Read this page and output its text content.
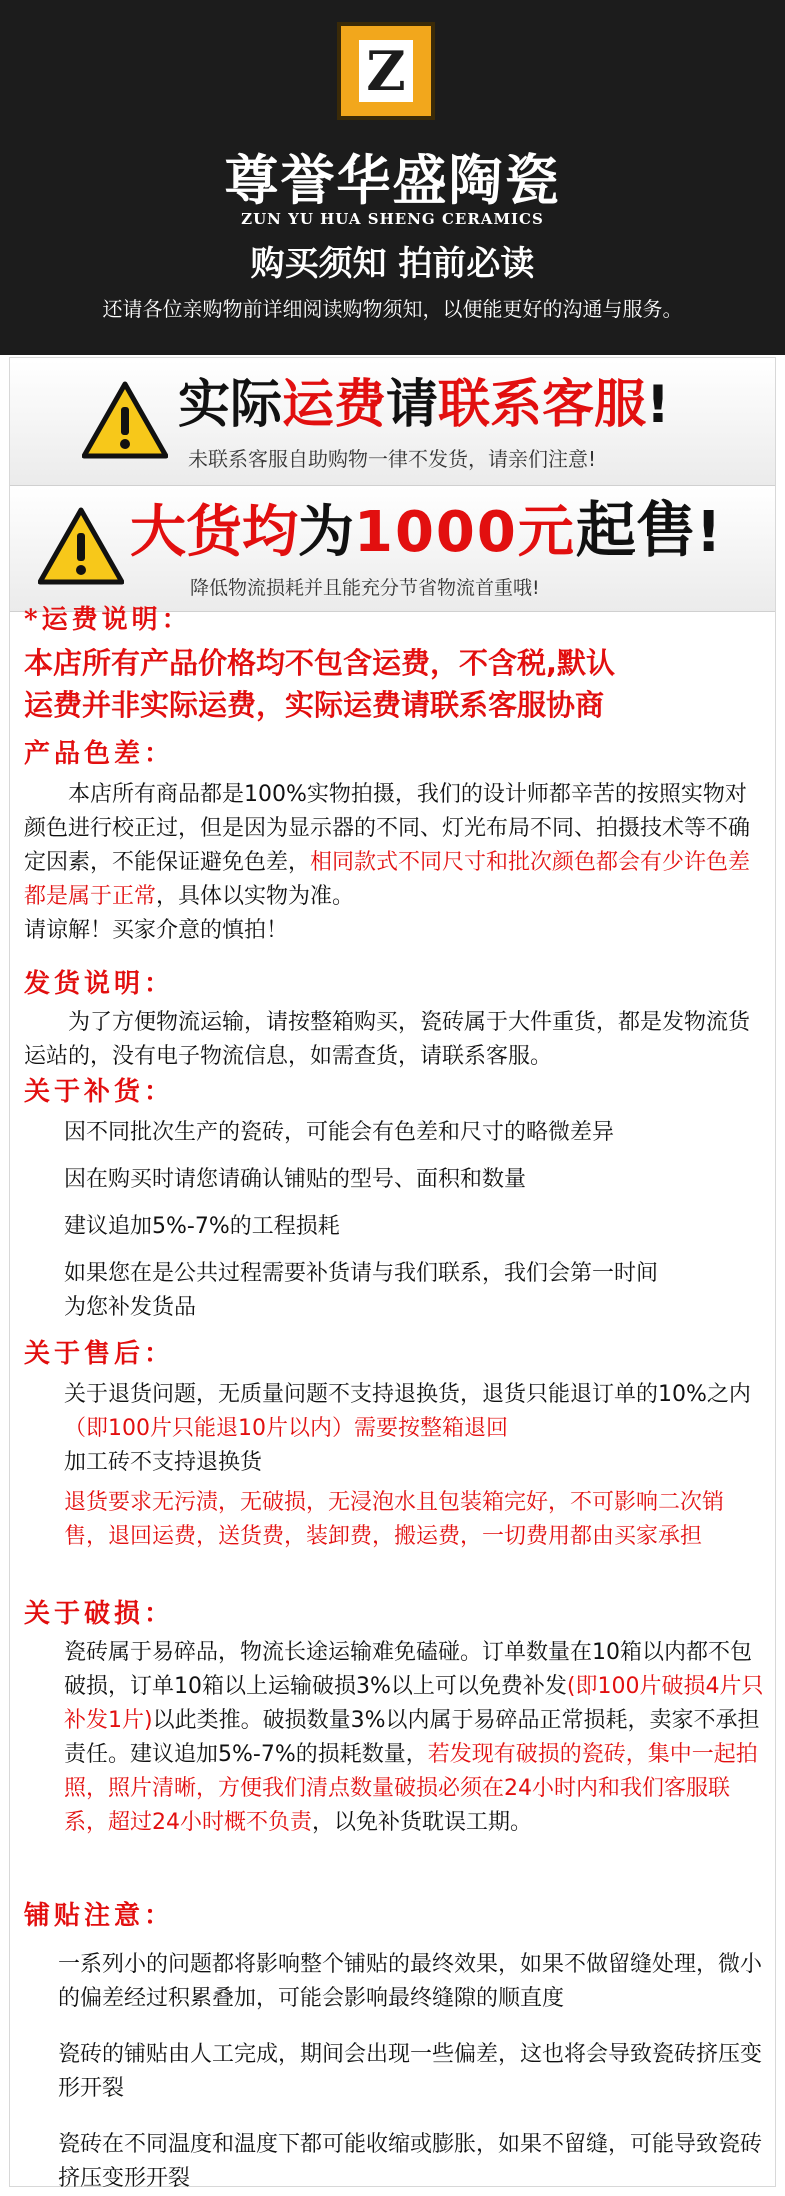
Z
尊誉华盛陶瓷
ZUN YU HUA SHENG CERAMICS
购买须知 拍前必读
还请各位亲购物前详细阅读购物须知，以便能更好的沟通与服务。
实际运费请联系客服!
未联系客服自助购物一律不发货，请亲们注意!
大货均为1000元起售!
降低物流损耗并且能充分节省物流首重哦!
*运费说明：
本店所有产品价格均不包含运费，不含税,默认
运费并非实际运费，实际运费请联系客服协商
产品色差：
本店所有商品都是100%实物拍摄，我们的设计师都辛苦的按照实物对颜色进行校正过，但是因为显示器的不同、灯光布局不同、拍摄技术等不确定因素，不能保证避免色差，相同款式不同尺寸和批次颜色都会有少许色差都是属于正常，具体以实物为准。
请谅解！买家介意的慎拍！
发货说明：
为了方便物流运输，请按整箱购买，瓷砖属于大件重货，都是发物流货运站的，没有电子物流信息，如需查货，请联系客服。
关于补货：
因不同批次生产的瓷砖，可能会有色差和尺寸的略微差异
因在购买时请您请确认铺贴的型号、面积和数量
建议追加5%-7%的工程损耗
如果您在是公共过程需要补货请与我们联系，我们会第一时间为您补发货品
关于售后：
关于退货问题，无质量问题不支持退换货，退货只能退订单的10%之内（即100片只能退10片以内）需要按整箱退回
加工砖不支持退换货
退货要求无污渍，无破损，无浸泡水且包装箱完好，不可影响二次销售，退回运费，送货费，装卸费，搬运费，一切费用都由买家承担
关于破损：
瓷砖属于易碎品，物流长途运输难免磕碰。订单数量在10箱以内都不包破损，订单10箱以上运输破损3%以上可以免费补发(即100片破损4片只补发1片)以此类推。破损数量3%以内属于易碎品正常损耗，卖家不承担责任。建议追加5%-7%的损耗数量，若发现有破损的瓷砖，集中一起拍照，照片清晰，方便我们清点数量破损必须在24小时内和我们客服联系，超过24小时概不负责，以免补货耽误工期。
铺贴注意：
一系列小的问题都将影响整个铺贴的最终效果，如果不做留缝处理，微小的偏差经过积累叠加，可能会影响最终缝隙的顺直度
瓷砖的铺贴由人工完成，期间会出现一些偏差，这也将会导致瓷砖挤压变形开裂
瓷砖在不同温度和温度下都可能收缩或膨胀，如果不留缝，可能导致瓷砖挤压变形开裂
